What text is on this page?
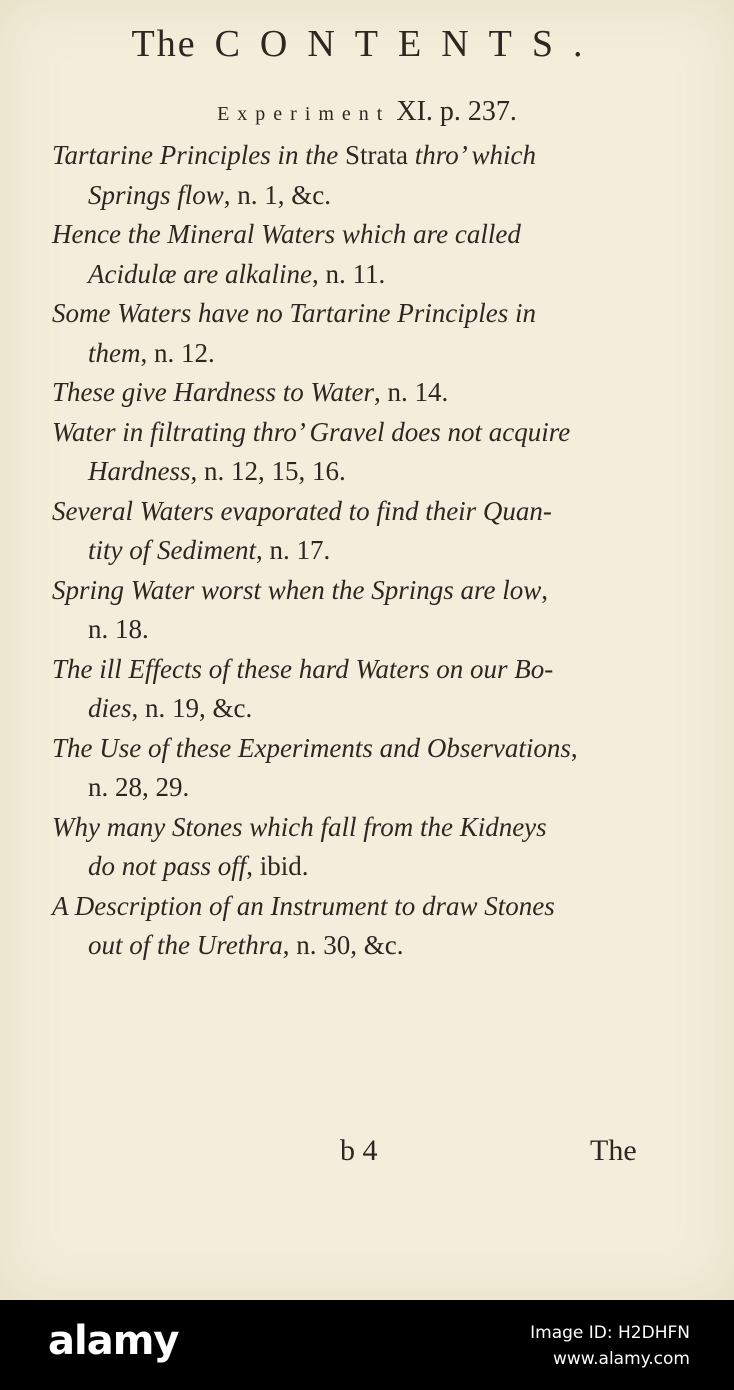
The CONTENTS.
Experiment XI. p. 237.
Tartarine Principles in the Strata thro’ which
Springs flow, n. 1, &c.
Hence the Mineral Waters which are called
Acidulæ are alkaline, n. 11.
Some Waters have no Tartarine Principles in
them, n. 12.
These give Hardness to Water, n. 14.
Water in filtrating thro’ Gravel does not acquire
Hardness, n. 12, 15, 16.
Several Waters evaporated to find their Quan-
tity of Sediment, n. 17.
Spring Water worst when the Springs are low,
n. 18.
The ill Effects of these hard Waters on our Bo-
dies, n. 19, &c.
The Use of these Experiments and Observations,
n. 28, 29.
Why many Stones which fall from the Kidneys
do not pass off, ibid.
A Description of an Instrument to draw Stones
out of the Urethra, n. 30, &c.
b 4	The
alamy	Image ID: H2DHFN
www.alamy.com
